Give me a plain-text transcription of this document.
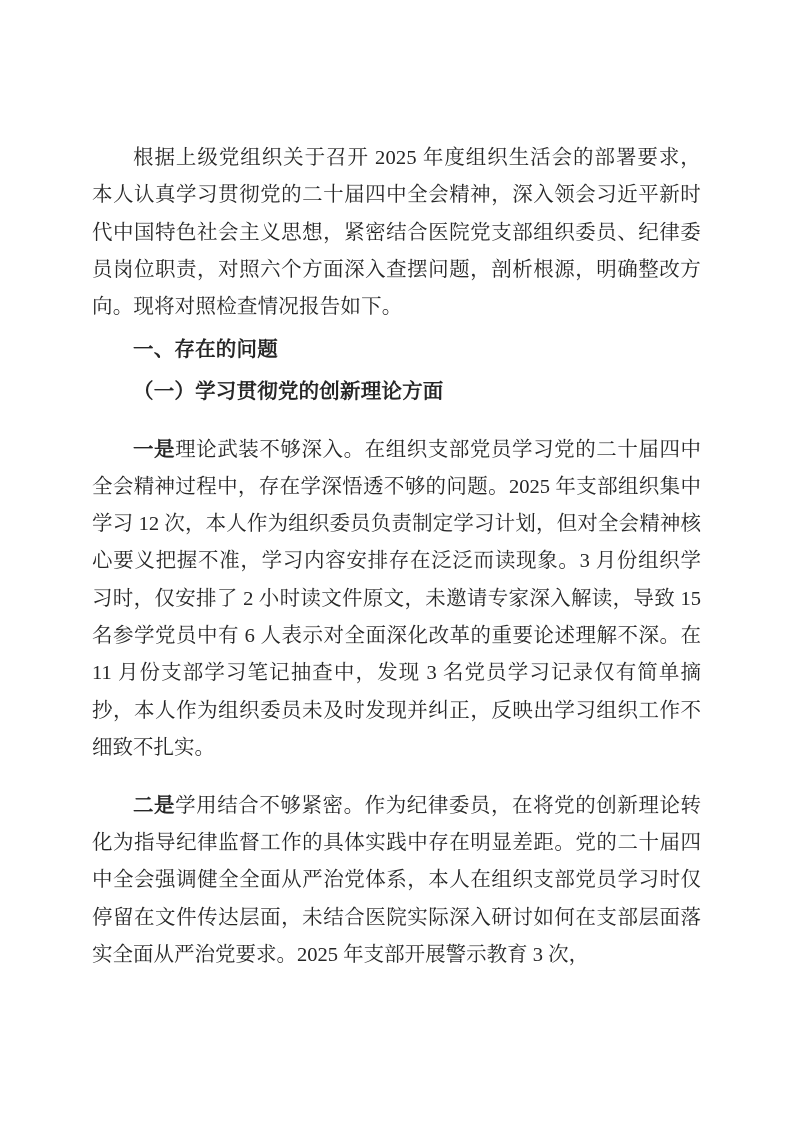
根据上级党组织关于召开 2025 年度组织生活会的部署要求，本人认真学习贯彻党的二十届四中全会精神，深入领会习近平新时代中国特色社会主义思想，紧密结合医院党支部组织委员、纪律委员岗位职责，对照六个方面深入查摆问题，剖析根源，明确整改方向。现将对照检查情况报告如下。

一、存在的问题

（一）学习贯彻党的创新理论方面

一是理论武装不够深入。在组织支部党员学习党的二十届四中全会精神过程中，存在学深悟透不够的问题。2025 年支部组织集中学习 12 次，本人作为组织委员负责制定学习计划，但对全会精神核心要义把握不准，学习内容安排存在泛泛而读现象。3 月份组织学习时，仅安排了 2 小时读文件原文，未邀请专家深入解读，导致 15 名参学党员中有 6 人表示对全面深化改革的重要论述理解不深。在 11 月份支部学习笔记抽查中，发现 3 名党员学习记录仅有简单摘抄，本人作为组织委员未及时发现并纠正，反映出学习组织工作不细致不扎实。

二是学用结合不够紧密。作为纪律委员，在将党的创新理论转化为指导纪律监督工作的具体实践中存在明显差距。党的二十届四中全会强调健全全面从严治党体系，本人在组织支部党员学习时仅停留在文件传达层面，未结合医院实际深入研讨如何在支部层面落实全面从严治党要求。2025 年支部开展警示教育 3 次，
